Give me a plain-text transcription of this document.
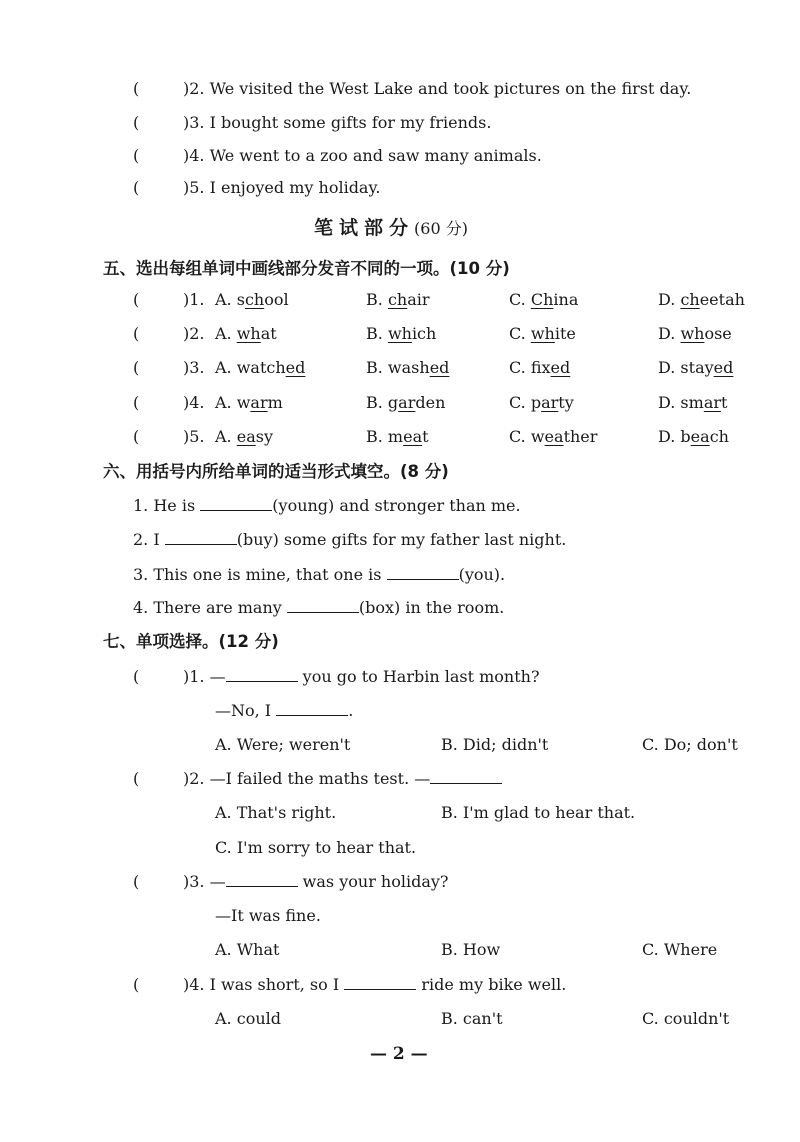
(	)2. We visited the West Lake and took pictures on the first day.
(	)3. I bought some gifts for my friends.
(	)4. We went to a zoo and saw many animals.
(	)5. I enjoyed my holiday.
笔试部分(60 分)
五、选出每组单词中画线部分发音不同的一项。(10 分)
(	)1. A. school	B. chair	C. China	D. cheetah
(	)2. A. what	B. which	C. white	D. whose
(	)3. A. watched	B. washed	C. fixed	D. stayed
(	)4. A. warm	B. garden	C. party	D. smart
(	)5. A. easy	B. meat	C. weather	D. beach
六、用括号内所给单词的适当形式填空。(8 分)
1. He is	(young) and stronger than me.
2. I	(buy) some gifts for my father last night.
3. This one is mine, that one is	(you).
4. There are many	(box) in the room.
七、单项选择。(12 分)
(	)1. —	you go to Harbin last month?
—No, I	.
A. Were; weren't	B. Did; didn't	C. Do; don't
(	)2. —I failed the maths test. —
A. That's right.	B. I'm glad to hear that.
C. I'm sorry to hear that.
(	)3. —	was your holiday?
—It was fine.
A. What	B. How	C. Where
(	)4. I was short, so I	ride my bike well.
A. could	B. can't	C. couldn't
— 2 —
